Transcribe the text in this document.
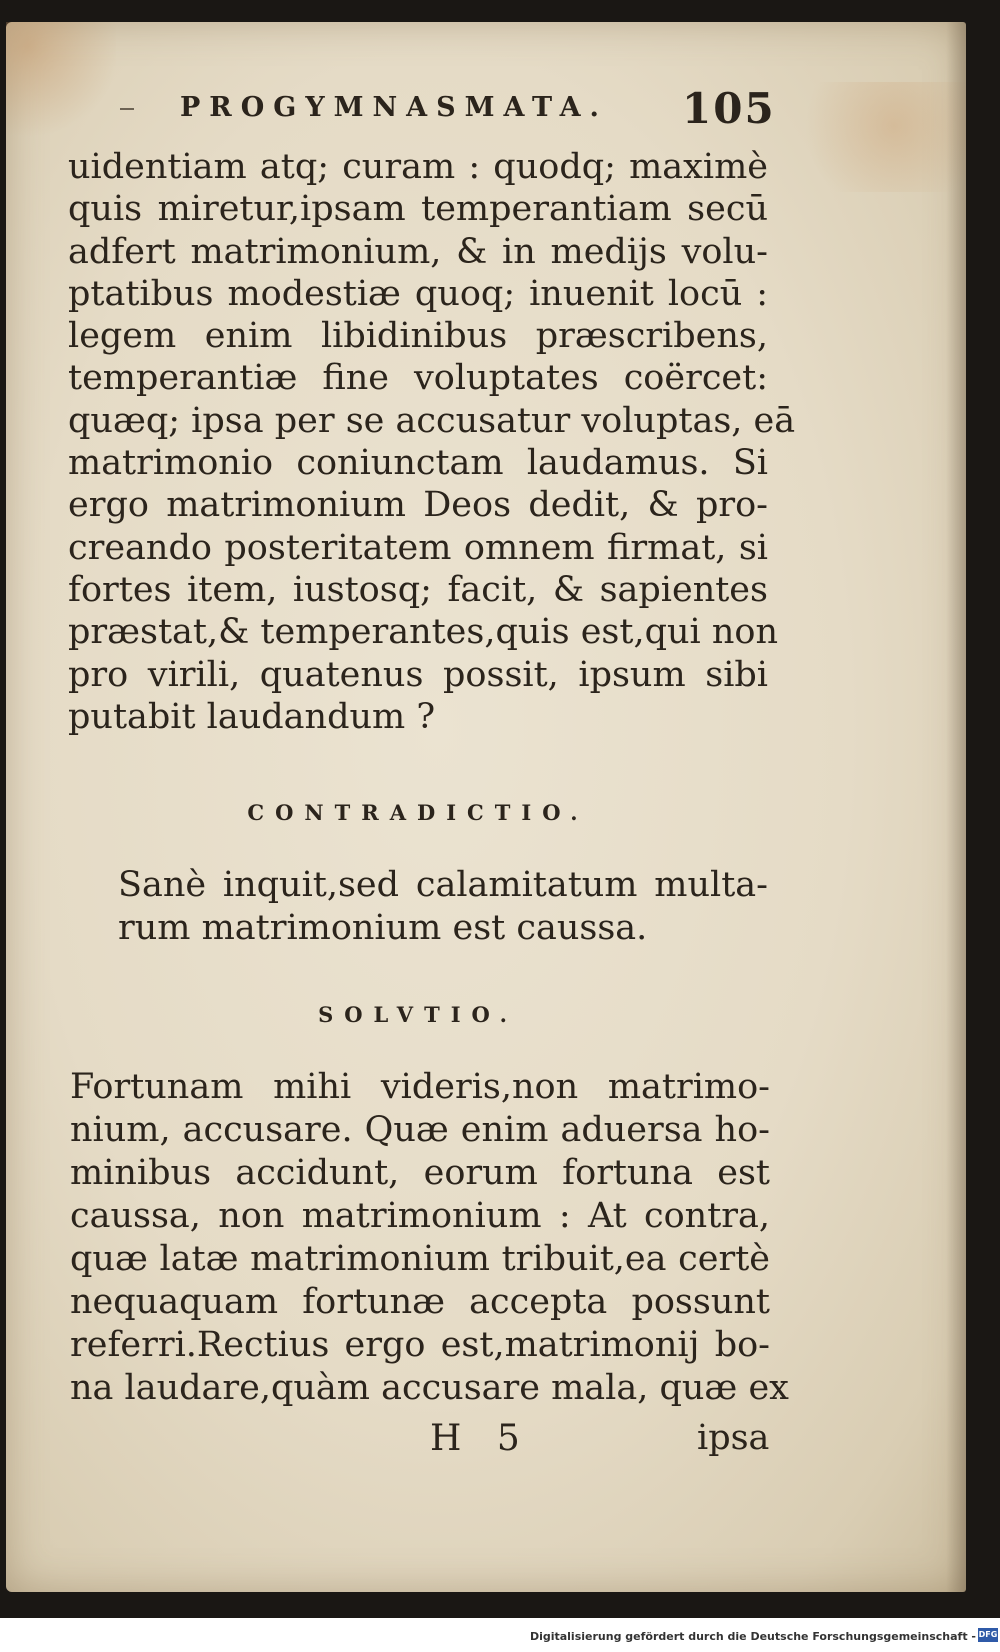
PROGYMNASMATA. 105
uidentiam atq; curam : quodq; maximè
quis miretur,ipsam temperantiam secū
adfert matrimonium, & in medijs volu-
ptatibus modestiæ quoq; inuenit locū :
legem enim libidinibus præscribens,
temperantiæ fine voluptates coërcet:
quæq; ipsa per se accusatur voluptas, eā
matrimonio coniunctam laudamus. Si
ergo matrimonium Deos dedit, & pro-
creando posteritatem omnem firmat, si
fortes item, iustosq; facit, & sapientes
præstat,& temperantes,quis est,qui non
pro virili, quatenus possit, ipsum sibi
putabit laudandum ?
CONTRADICTIO.
Sanè inquit,sed calamitatum multa-
rum matrimonium est caussa.
SOLVTIO.
Fortunam mihi videris,non matrimo-
nium, accusare. Quæ enim aduersa ho-
minibus accidunt, eorum fortuna est
caussa, non matrimonium : At contra,
quæ latæ matrimonium tribuit,ea certè
nequaquam fortunæ accepta possunt
referri.Rectius ergo est,matrimonij bo-
na laudare,quàm accusare mala, quæ ex
H 5	ipsa
Digitalisierung gefördert durch die Deutsche Forschungsgemeinschaft - DFG
